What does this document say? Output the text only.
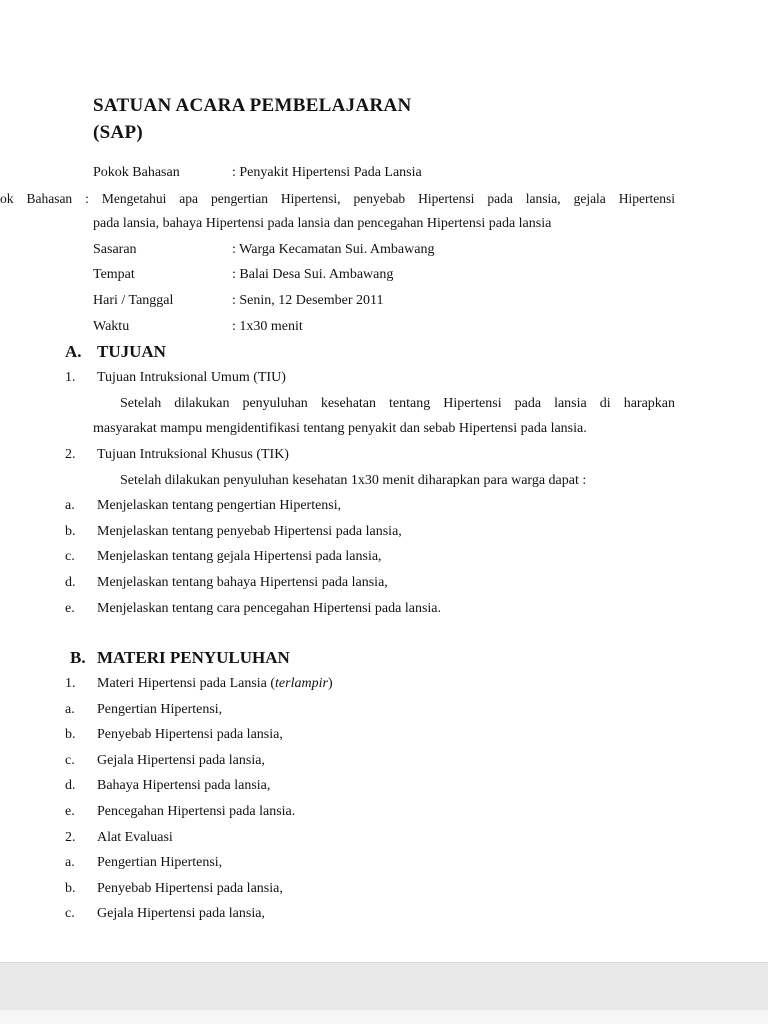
SATUAN ACARA PEMBELAJARAN
(SAP)
Pokok Bahasan	: Penyakit Hipertensi Pada Lansia
ok Bahasan : Mengetahui apa pengertian Hipertensi, penyebab Hipertensi pada lansia, gejala Hipertensi
pada lansia, bahaya Hipertensi pada lansia dan pencegahan Hipertensi pada lansia
Sasaran	: Warga Kecamatan Sui. Ambawang
Tempat	: Balai Desa Sui. Ambawang
Hari / Tanggal	: Senin, 12 Desember 2011
Waktu	: 1x30 menit
A. TUJUAN
1. Tujuan Intruksional Umum (TIU)
Setelah dilakukan penyuluhan kesehatan tentang Hipertensi pada lansia di harapkan
masyarakat mampu mengidentifikasi tentang penyakit dan sebab Hipertensi pada lansia.
2. Tujuan Intruksional Khusus (TIK)
Setelah dilakukan penyuluhan kesehatan 1x30 menit diharapkan para warga dapat :
a. Menjelaskan tentang pengertian Hipertensi,
b. Menjelaskan tentang penyebab Hipertensi pada lansia,
c. Menjelaskan tentang gejala Hipertensi pada lansia,
d. Menjelaskan tentang bahaya Hipertensi pada lansia,
e. Menjelaskan tentang cara pencegahan Hipertensi pada lansia.
B. MATERI PENYULUHAN
1. Materi Hipertensi pada Lansia (terlampir)
a. Pengertian Hipertensi,
b. Penyebab Hipertensi pada lansia,
c. Gejala Hipertensi pada lansia,
d. Bahaya Hipertensi pada lansia,
e. Pencegahan Hipertensi pada lansia.
2. Alat Evaluasi
a. Pengertian Hipertensi,
b. Penyebab Hipertensi pada lansia,
c. Gejala Hipertensi pada lansia,
